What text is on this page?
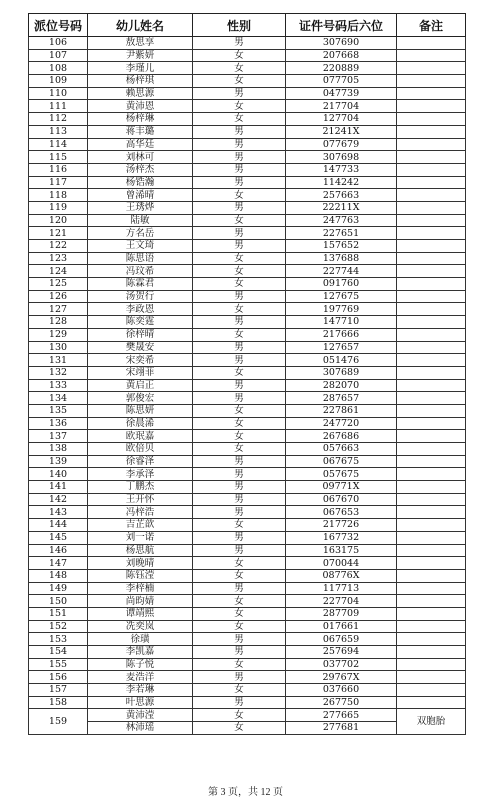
派位号码	幼儿姓名	性别	证件号码后六位	备注
106	敖思享	男	307690	
107	尹紫妍	女	207668	
108	李瑾儿	女	220889	
109	杨梓琪	女	077705	
110	赖思源	男	047739	
111	黄沛恩	女	217704	
112	杨梓琳	女	127704	
113	蒋丰璐	男	21241X	
114	高华廷	男	077679	
115	刘林可	男	307698	
116	汤梓杰	男	147733	
117	杨锆瀚	男	114242	
118	曾浠晴	女	257663	
119	王琇烨	男	22211X	
120	陆敏	女	247763	
121	方名岳	男	227651	
122	王文琦	男	157652	
123	陈思语	女	137688	
124	冯玟希	女	227744	
125	陈霖君	女	091760	
126	汤贺行	男	127675	
127	李政恩	女	197769	
128	陈奕霆	男	147710	
129	徐梓晴	女	217666	
130	樊晟安	男	127657	
131	宋奕希	男	051476	
132	宋翊菲	女	307689	
133	黄启正	男	282070	
134	郭俊宏	男	287657	
135	陈思妍	女	227861	
136	徐晨浠	女	247720	
137	欧珉嘉	女	267686	
138	欧倍贝	女	057663	
139	徐睿泽	男	067675	
140	李承泽	男	057675	
141	丁鹏杰	男	09771X	
142	王开怀	男	067670	
143	冯梓浩	男	067653	
144	吉芷歆	女	217726	
145	刘一诺	男	167732	
146	杨思航	男	163175	
147	刘晚晴	女	070044	
148	陈钰滢	女	08776X	
149	李梓楠	男	117713	
150	尚昀婧	女	227704	
151	谭靖熙	女	287709	
152	冼奕岚	女	017661	
153	徐璜	男	067659	
154	李凯嘉	男	257694	
155	陈子悦	女	037702	
156	麦浩洋	男	29767X	
157	李若琳	女	037660	
158	叶思源	男	267750	
159	黄沛滢	女	277665	双胞胎
	林沛瑶	女	277681	
第 3 页，共 12 页
